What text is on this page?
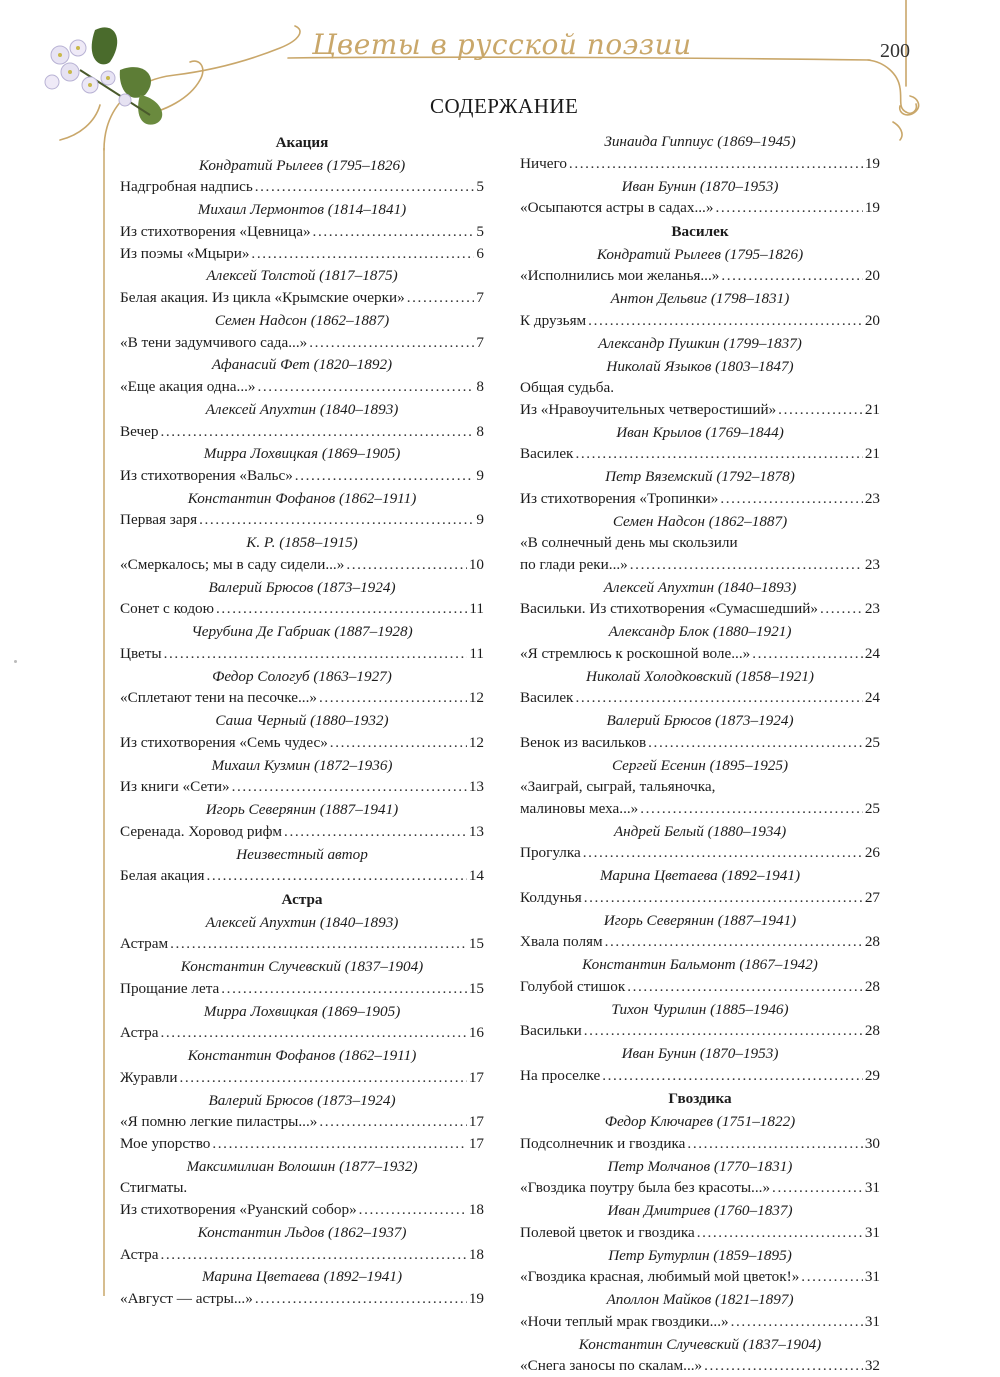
Цветы в русской поэзии	200
СОДЕРЖАНИЕ
Акация
Кондратий Рылеев (1795–1826)
Надгробная надпись .....	5
Михаил Лермонтов (1814–1841)
Из стихотворения «Цевница» .....	5
Из поэмы «Мцыри» .....	6
Алексей Толстой (1817–1875)
Белая акация. Из цикла «Крымские очерки» .....	7
Семен Надсон (1862–1887)
«В тени задумчивого сада...» .....	7
Афанасий Фет (1820–1892)
«Еще акация одна...» .....	8
Алексей Апухтин (1840–1893)
Вечер .....	8
Мирра Лохвицкая (1869–1905)
Из стихотворения «Вальс» .....	9
Константин Фофанов (1862–1911)
Первая заря .....	9
К. Р. (1858–1915)
«Смеркалось; мы в саду сидели...» .....	10
Валерий Брюсов (1873–1924)
Сонет с кодою .....	11
Черубина Де Габриак (1887–1928)
Цветы .....	11
Федор Сологуб (1863–1927)
«Сплетают тени на песочке...» .....	12
Саша Черный (1880–1932)
Из стихотворения «Семь чудес» .....	12
Михаил Кузмин (1872–1936)
Из книги «Сети» .....	13
Игорь Северянин (1887–1941)
Серенада. Хоровод рифм .....	13
Неизвестный автор
Белая акация .....	14
Астра
Алексей Апухтин (1840–1893)
Астрам .....	15
Константин Случевский (1837–1904)
Прощание лета .....	15
Мирра Лохвицкая (1869–1905)
Астра .....	16
Константин Фофанов (1862–1911)
Журавли .....	17
Валерий Брюсов (1873–1924)
«Я помню легкие пиластры...» .....	17
Мое упорство .....	17
Максимилиан Волошин (1877–1932)
Стигматы.
Из стихотворения «Руанский собор» .....	18
Константин Льдов (1862–1937)
Астра .....	18
Марина Цветаева (1892–1941)
«Август — астры...» .....	19
Зинаида Гиппиус (1869–1945)
Ничего .....	19
Иван Бунин (1870–1953)
«Осыпаются астры в садах...» .....	19
Василек
Кондратий Рылеев (1795–1826)
«Исполнились мои желанья...» .....	20
Антон Дельвиг (1798–1831)
К друзьям .....	20
Александр Пушкин (1799–1837)
Николай Языков (1803–1847)
Общая судьба.
Из «Нравоучительных четверостиший» .....	21
Иван Крылов (1769–1844)
Василек .....	21
Петр Вяземский (1792–1878)
Из стихотворения «Тропинки» .....	23
Семен Надсон (1862–1887)
«В солнечный день мы скользили
по глади реки...» .....	23
Алексей Апухтин (1840–1893)
Васильки. Из стихотворения «Сумасшедший» .....	23
Александр Блок (1880–1921)
«Я стремлюсь к роскошной воле...» .....	24
Николай Холодковский (1858–1921)
Василек .....	24
Валерий Брюсов (1873–1924)
Венок из васильков .....	25
Сергей Есенин (1895–1925)
«Заиграй, сыграй, тальяночка,
малиновы меха...» .....	25
Андрей Белый (1880–1934)
Прогулка .....	26
Марина Цветаева (1892–1941)
Колдунья .....	27
Игорь Северянин (1887–1941)
Хвала полям .....	28
Константин Бальмонт (1867–1942)
Голубой стишок .....	28
Тихон Чурилин (1885–1946)
Васильки .....	28
Иван Бунин (1870–1953)
На проселке .....	29
Гвоздика
Федор Ключарев (1751–1822)
Подсолнечник и гвоздика .....	30
Петр Молчанов (1770–1831)
«Гвоздика поутру была без красоты...» .....	31
Иван Дмитриев (1760–1837)
Полевой цветок и гвоздика .....	31
Петр Бутурлин (1859–1895)
«Гвоздика красная, любимый мой цветок!» .....	31
Аполлон Майков (1821–1897)
«Ночи теплый мрак гвоздики...» .....	31
Константин Случевский (1837–1904)
«Снега заносы по скалам...» .....	32
